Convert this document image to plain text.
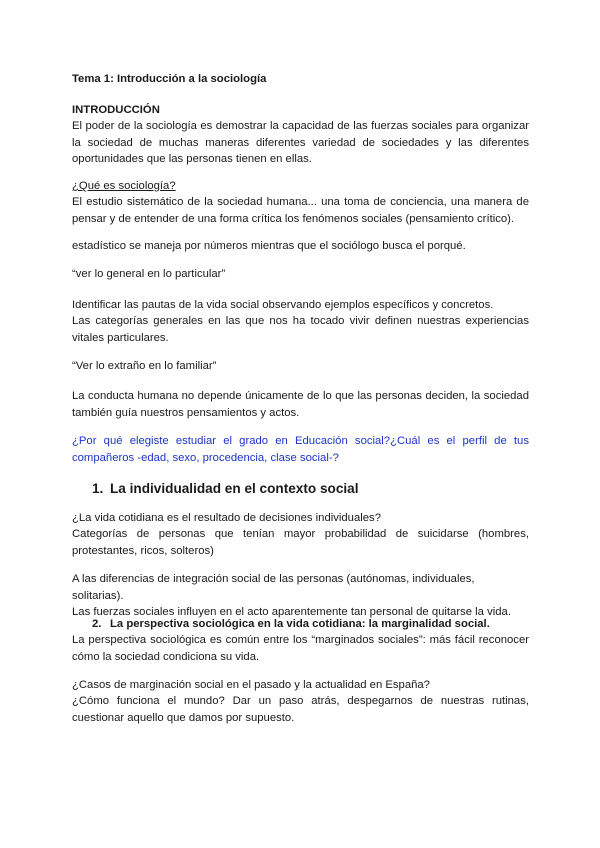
Tema 1: Introducción a la sociología

INTRODUCCIÓN

El poder de la sociología es demostrar la capacidad de las fuerzas sociales para organizar la sociedad de muchas maneras diferentes variedad de sociedades y las diferentes oportunidades que las personas tienen en ellas.

¿Qué es sociología?

El estudio sistemático de la sociedad humana... una toma de conciencia, una manera de pensar y de entender de una forma crítica los fenómenos sociales (pensamiento crítico).

estadístico se maneja por números mientras que el sociólogo busca el porqué.

“ver lo general en lo particular”

Identificar las pautas de la vida social observando ejemplos específicos y concretos.

Las categorías generales en las que nos ha tocado vivir definen nuestras experiencias vitales particulares.

“Ver lo extraño en lo familiar”

La conducta humana no depende únicamente de lo que las personas deciden, la sociedad también guía nuestros pensamientos y actos.

¿Por qué elegiste estudiar el grado en Educación social?¿Cuál es el perfil de tus compañeros -edad, sexo, procedencia, clase social-?

1. La individualidad en el contexto social

¿La vida cotidiana es el resultado de decisiones individuales?

Categorías de personas que tenían mayor probabilidad de suicidarse (hombres, protestantes, ricos, solteros)

A las diferencias de integración social de las personas (autónomas, individuales, solitarias).
Las fuerzas sociales influyen en el acto aparentemente tan personal de quitarse la vida.

2. La perspectiva sociológica en la vida cotidiana: la marginalidad social.

La perspectiva sociológica es común entre los “marginados sociales”: más fácil reconocer cómo la sociedad condiciona su vida.

¿Casos de marginación social en el pasado y la actualidad en España?

¿Cómo funciona el mundo? Dar un paso atrás, despegarnos de nuestras rutinas, cuestionar aquello que damos por supuesto.
